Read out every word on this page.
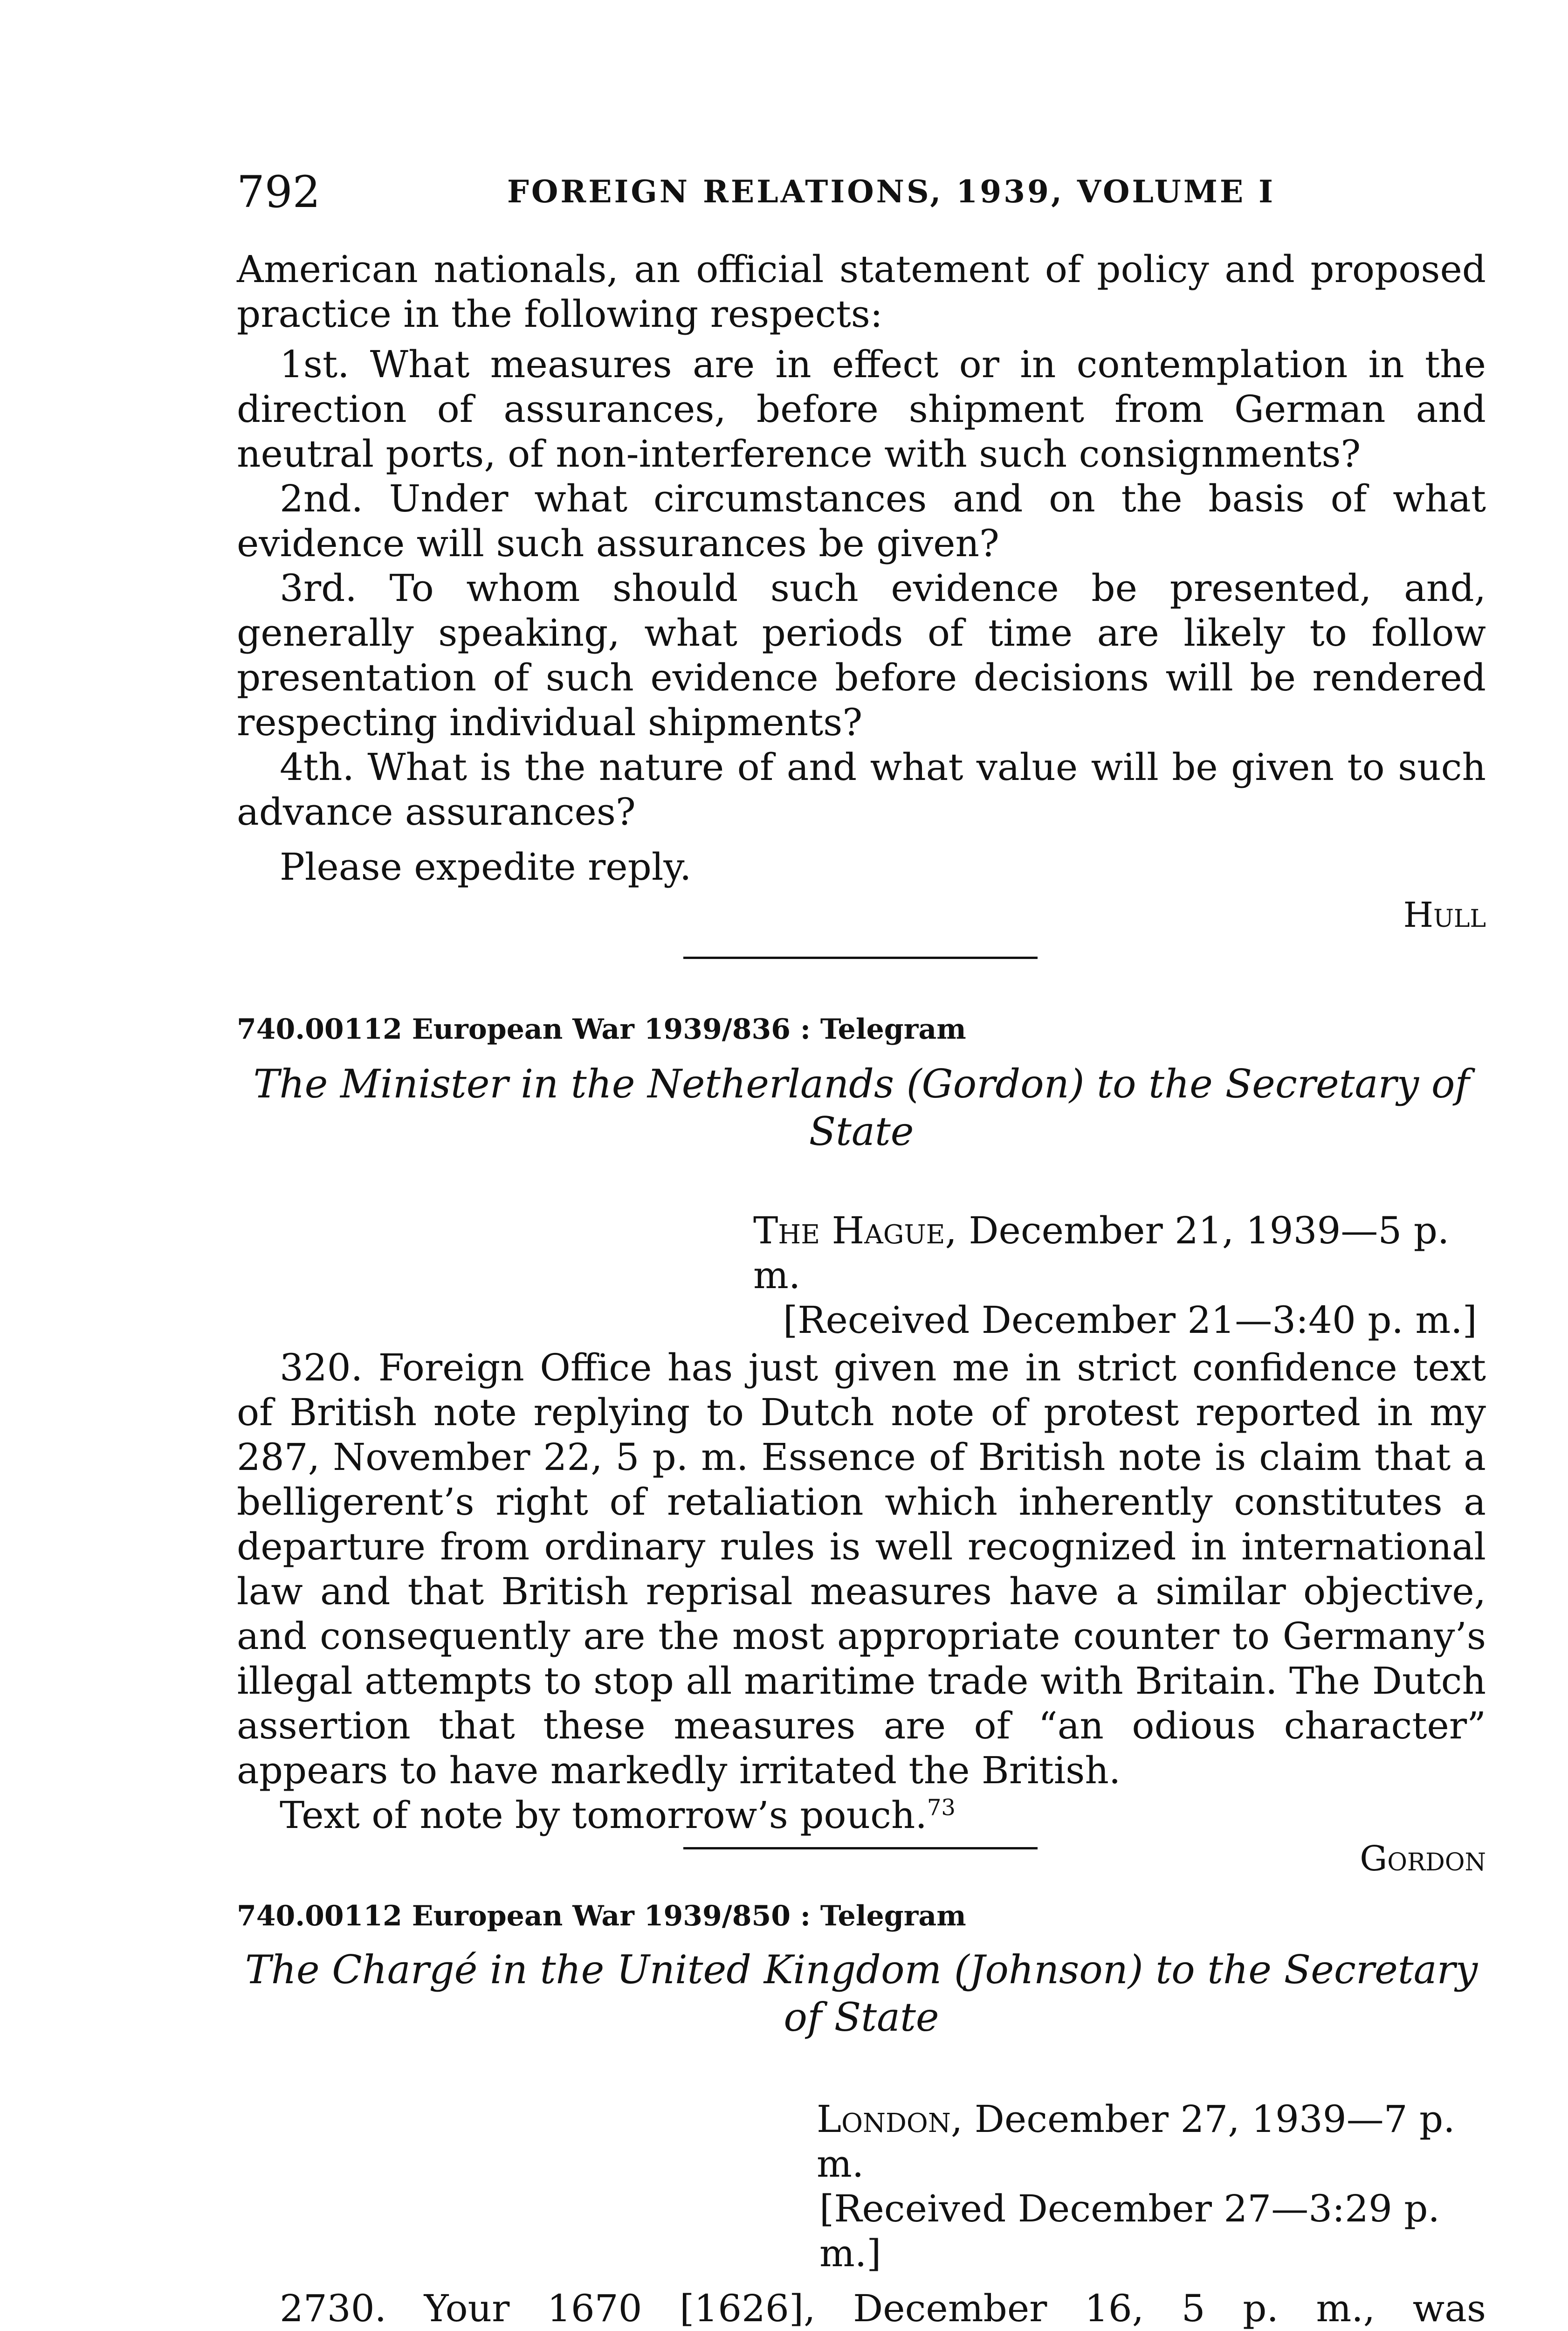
792	FOREIGN RELATIONS, 1939, VOLUME I

American nationals, an official statement of policy and proposed practice in the following respects:

1st. What measures are in effect or in contemplation in the direction of assurances, before shipment from German and neutral ports, of non-interference with such consignments?

2nd. Under what circumstances and on the basis of what evidence will such assurances be given?

3rd. To whom should such evidence be presented, and, generally speaking, what periods of time are likely to follow presentation of such evidence before decisions will be rendered respecting individual shipments?

4th. What is the nature of and what value will be given to such advance assurances?

Please expedite reply.

Hull

740.00112 European War 1939/836 : Telegram

The Minister in the Netherlands (Gordon) to the Secretary of State

The Hague, December 21, 1939—5 p. m.

[Received December 21—3:40 p. m.]

320. Foreign Office has just given me in strict confidence text of British note replying to Dutch note of protest reported in my 287, November 22, 5 p. m. Essence of British note is claim that a belligerent’s right of retaliation which inherently constitutes a departure from ordinary rules is well recognized in international law and that British reprisal measures have a similar objective, and consequently are the most appropriate counter to Germany’s illegal attempts to stop all maritime trade with Britain. The Dutch assertion that these measures are of “an odious character” appears to have markedly irritated the British.

Text of note by tomorrow’s pouch.$^{73}$

Gordon

740.00112 European War 1939/850 : Telegram

The Chargé in the United Kingdom (Johnson) to the Secretary

of State

London, December 27, 1939—7 p. m.

[Received December 27—3:29 p. m.]

2730. Your 1670 [1626], December 16, 5 p. m., was
